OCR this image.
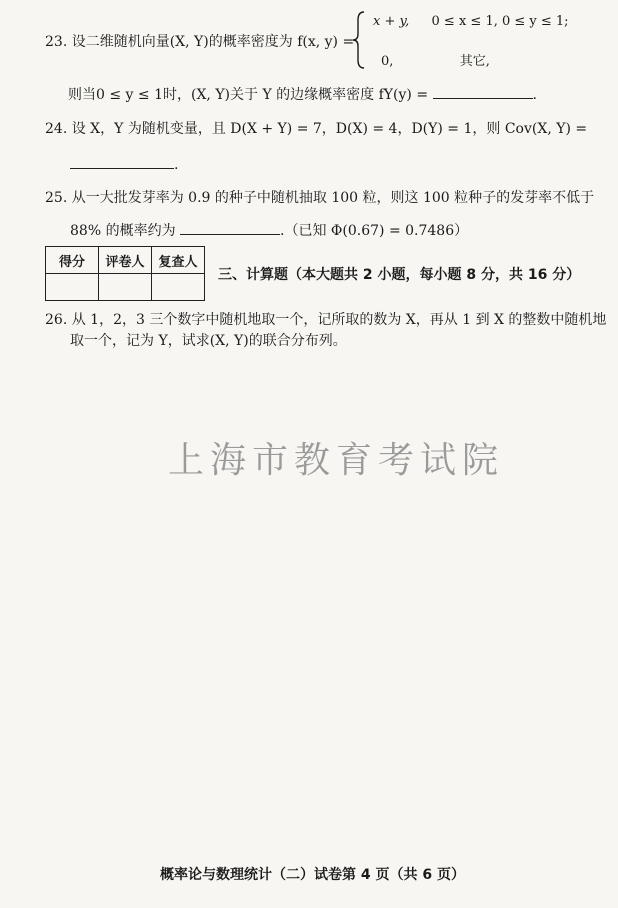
23. 设二维随机向量(X, Y)的概率密度为 f(x, y) =
x + y, 0 ≤ x ≤ 1, 0 ≤ y ≤ 1;
0,	其它,
则当0 ≤ y ≤ 1时，(X, Y)关于 Y 的边缘概率密度 fY(y) =	.
24. 设 X，Y 为随机变量，且 D(X + Y) = 7，D(X) = 4，D(Y) = 1，则 Cov(X, Y) =
.
25. 从一大批发芽率为 0.9 的种子中随机抽取 100 粒，则这 100 粒种子的发芽率不低于
88% 的概率约为	.（已知 Φ(0.67) = 0.7486）
得分	评卷人	复查人

三、计算题（本大题共 2 小题，每小题 8 分，共 16 分）
26. 从 1，2，3 三个数字中随机地取一个，记所取的数为 X，再从 1 到 X 的整数中随机地
取一个，记为 Y，试求(X, Y)的联合分布列。
上海市教育考试院
概率论与数理统计（二）试卷第 4 页（共 6 页）
